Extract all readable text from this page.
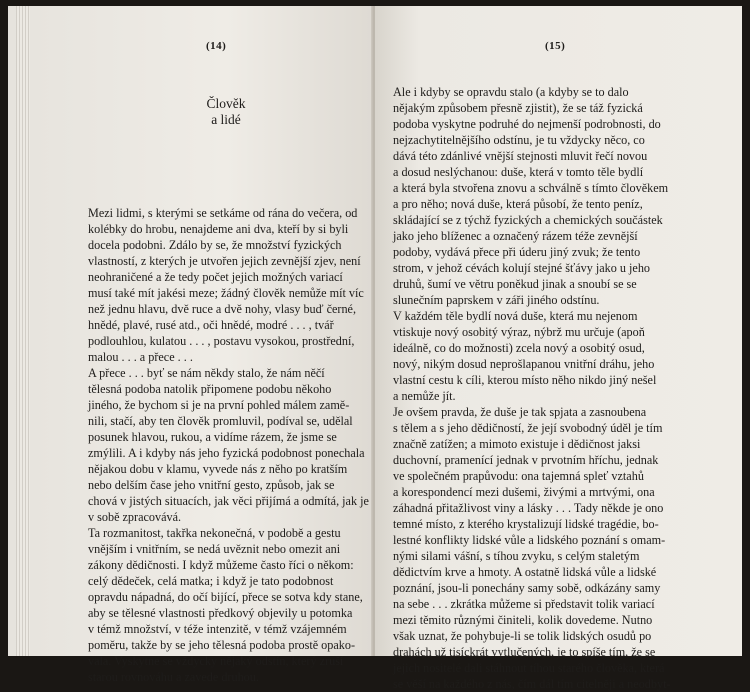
(14)
Člověk
a lidé
Mezi lidmi, s kterými se setkáme od rána do večera, od
kolébky do hrobu, nenajdeme ani dva, kteří by si byli
docela podobni. Zdálo by se, že množství fyzických
vlastností, z kterých je utvořen jejich zevnější zjev, není
neohraničené a že tedy počet jejich možných variací
musí také mít jakési meze; žádný člověk nemůže mít víc
než jednu hlavu, dvě ruce a dvě nohy, vlasy buď černé,
hnědé, plavé, rusé atd., oči hnědé, modré . . . , tvář
podlouhlou, kulatou . . . , postavu vysokou, prostřední,
malou . . . a přece . . .
A přece . . . byť se nám někdy stalo, že nám něčí
tělesná podoba natolik připomene podobu někoho
jiného, že bychom si je na první pohled málem zamě-
nili, stačí, aby ten člověk promluvil, podíval se, udělal
posunek hlavou, rukou, a vidíme rázem, že jsme se
zmýlili. A i kdyby nás jeho fyzická podobnost ponechala
nějakou dobu v klamu, vyvede nás z něho po kratším
nebo delším čase jeho vnitřní gesto, způsob, jak se
chová v jistých situacích, jak věci přijímá a odmítá, jak je
v sobě zpracovává.
Ta rozmanitost, takřka nekonečná, v podobě a gestu
vnějším i vnitřním, se nedá uvěznit nebo omezit ani
zákony dědičnosti. I když můžeme často říci o někom:
celý dědeček, celá matka; i když je tato podobnost
opravdu nápadná, do očí bijící, přece se sotva kdy stane,
aby se tělesné vlastnosti předkový objevily u potomka
v témž množství, v téže intenzitě, v témž vzájemném
poměru, takže by se jeho tělesná podoba prostě opako-
vala. Vyskytne se vždycky nějaký odstín, který zruší
starou rovnováhu a zavede druhou.
(15)
Ale i kdyby se opravdu stalo (a kdyby se to dalo
nějakým způsobem přesně zjistit), že se táž fyzická
podoba vyskytne podruhé do nejmenší podrobnosti, do
nejzachytitelnějšího odstínu, je tu vždycky něco, co
dává této zdánlivé vnější stejnosti mluvit řečí novou
a dosud neslýchanou: duše, která v tomto těle bydlí
a která byla stvořena znovu a schválně s tímto člověkem
a pro něho; nová duše, která působí, že tento peníz,
skládající se z týchž fyzických a chemických součástek
jako jeho blíženec a označený rázem téže zevnější
podoby, vydává přece při úderu jiný zvuk; že tento
strom, v jehož cévách kolují stejné šťávy jako u jeho
druhů, šumí ve větru poněkud jinak a snoubí se se
slunečním paprskem v záři jiného odstínu.
V každém těle bydlí nová duše, která mu nejenom
vtiskuje nový osobitý výraz, nýbrž mu určuje (apoň
ideálně, co do možnosti) zcela nový a osobitý osud,
nový, nikým dosud neprošlapanou vnitřní dráhu, jeho
vlastní cestu k cíli, kterou místo něho nikdo jiný nešel
a nemůže jít.
Je ovšem pravda, že duše je tak spjata a zasnoubena
s tělem a s jeho dědičností, že její svobodný úděl je tím
značně zatížen; a mimoto existuje i dědičnost jaksi
duchovní, pramenící jednak v prvotním hříchu, jednak
ve společném prapůvodu: ona tajemná spleť vztahů
a korespondencí mezi dušemi, živými a mrtvými, ona
záhadná přitažlivost viny a lásky . . . Tady někde je ono
temné místo, z kterého krystalizují lidské tragédie, bo-
lestné konflikty lidské vůle a lidského poznání s omam-
nými silami vášní, s tíhou zvyku, s celým staletým
dědictvím krve a hmoty. A ostatně lidská vůle a lidské
poznání, jsou-li ponechány samy sobě, odkázány samy
na sebe . . . zkrátka můžeme si představit tolik variací
mezi těmito různými činiteli, kolik dovedeme. Nutno
však uznat, že pohybuje-li se tolik lidských osudů po
drahách už tisíckrát vytlučených, je to spíše tím, že se
jejich nositelé dali stáhnout tíhou starého člověka, která
se věší na každého z nás, čím dál tím citelněji a neodbyt-
